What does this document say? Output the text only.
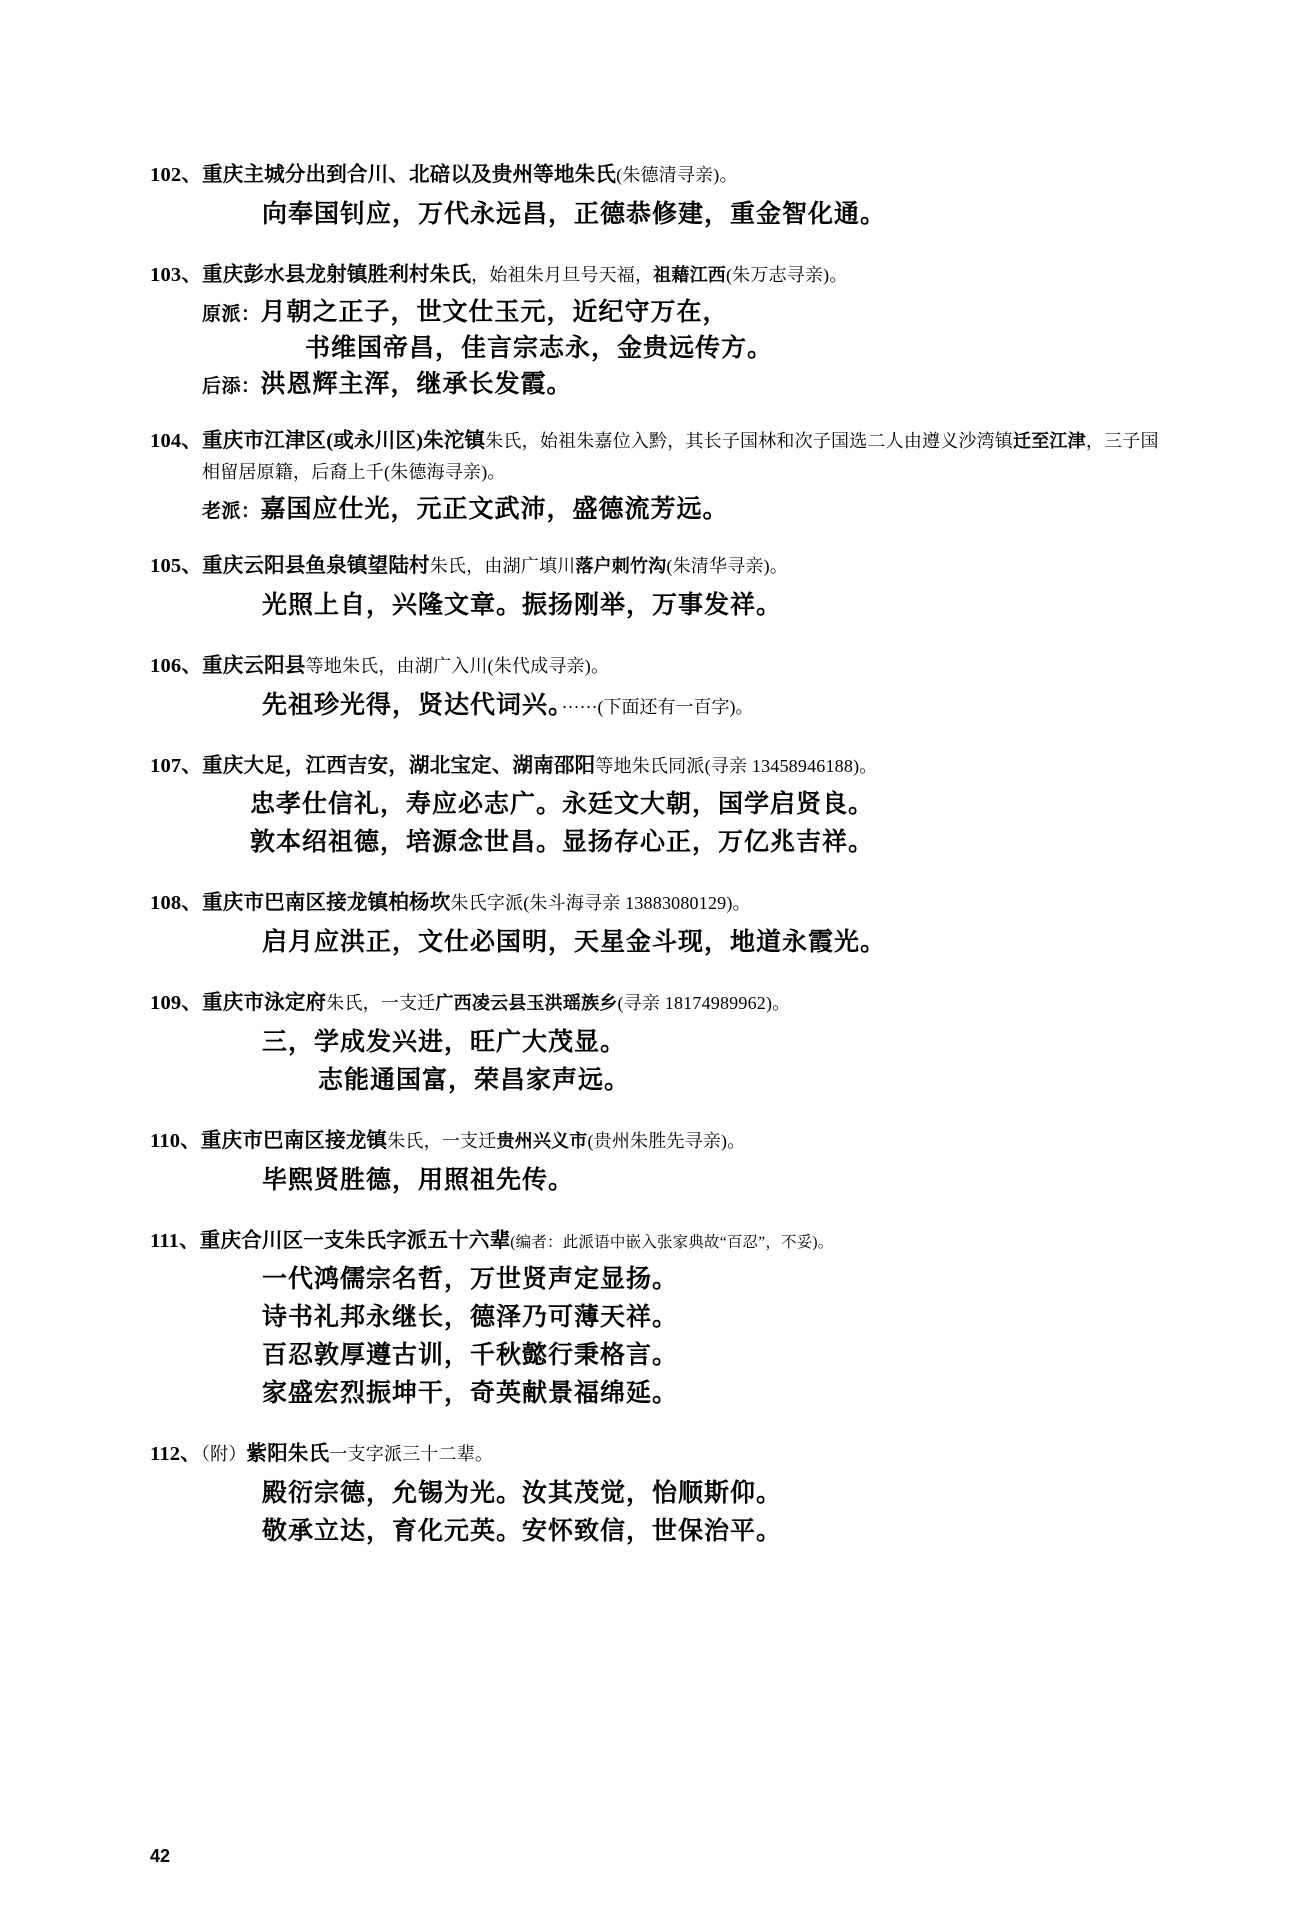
102、重庆主城分出到合川、北碚以及贵州等地朱氏(朱德清寻亲)。
向奉国钊应，万代永远昌，正德恭修建，重金智化通。
103、重庆彭水县龙射镇胜利村朱氏，始祖朱月旦号天福，祖藉江西(朱万志寻亲)。
原派：月朝之正子，世文仕玉元，近纪守万在，
书维国帝昌，佳言宗志永，金贵远传方。
后添：洪恩辉主浑，继承长发霞。
104、重庆市江津区(或永川区)朱沱镇朱氏，始祖朱嘉位入黔，其长子国林和次子国选二人由遵义沙湾镇迁至江津，三子国相留居原籍，后裔上千(朱德海寻亲)。
老派：嘉国应仕光，元正文武沛，盛德流芳远。
105、重庆云阳县鱼泉镇望陆村朱氏，由湖广填川落户刺竹沟(朱清华寻亲)。
光照上自，兴隆文章。振扬刚举，万事发祥。
106、重庆云阳县等地朱氏，由湖广入川(朱代成寻亲)。
先祖珍光得，贤达代词兴。······(下面还有一百字)。
107、重庆大足，江西吉安，湖北宝定、湖南邵阳等地朱氏同派(寻亲 13458946188)。
忠孝仕信礼，寿应必志广。永廷文大朝，国学启贤良。
敦本绍祖德，培源念世昌。显扬存心正，万亿兆吉祥。
108、重庆市巴南区接龙镇柏杨坎朱氏字派(朱斗海寻亲 13883080129)。
启月应洪正，文仕必国明，天星金斗现，地道永霞光。
109、重庆市泳定府朱氏，一支迁广西凌云县玉洪瑶族乡(寻亲 18174989962)。
三，学成发兴进，旺广大茂显。
志能通国富，荣昌家声远。
110、重庆市巴南区接龙镇朱氏，一支迁贵州兴义市(贵州朱胜先寻亲)。
毕熙贤胜德，用照祖先传。
111、重庆合川区一支朱氏字派五十六辈(编者：此派语中嵌入张家典故“百忍”，不妥)。
一代鸿儒宗名哲，万世贤声定显扬。
诗书礼邦永继长，德泽乃可薄天祥。
百忍敦厚遵古训，千秋懿行秉格言。
家盛宏烈振坤干，奇英献景福绵延。
112、（附）紫阳朱氏一支字派三十二辈。
殿衍宗德，允锡为光。汝其茂觉，怡顺斯仰。
敬承立达，育化元英。安怀致信，世保治平。
42
